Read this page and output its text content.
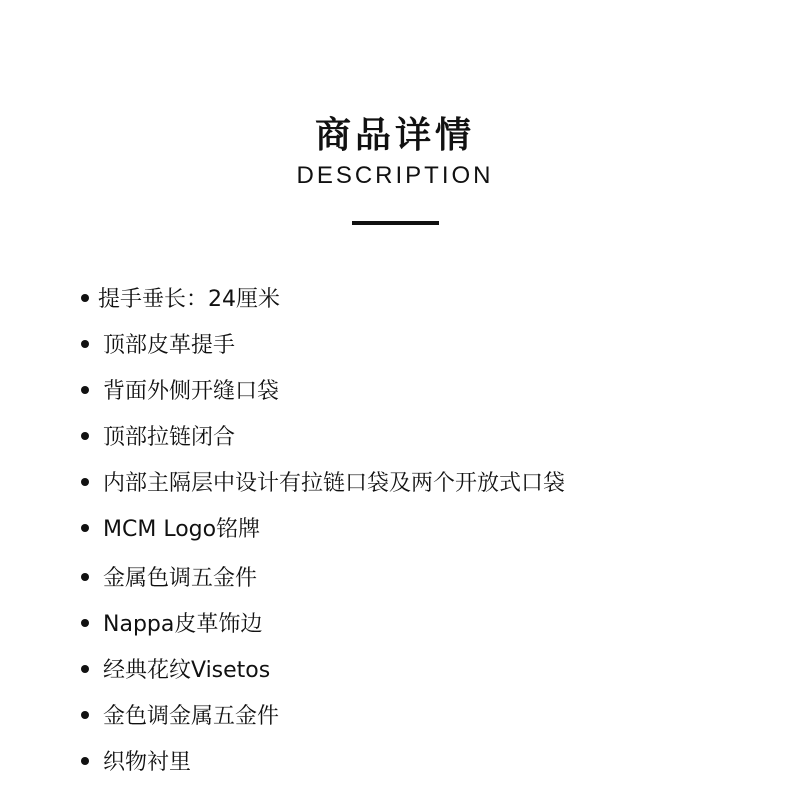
商品详情
DESCRIPTION
提手垂长：24厘米
顶部皮革提手
背面外侧开缝口袋
顶部拉链闭合
内部主隔层中设计有拉链口袋及两个开放式口袋
MCM Logo铭牌
金属色调五金件
Nappa皮革饰边
经典花纹Visetos
金色调金属五金件
织物衬里
